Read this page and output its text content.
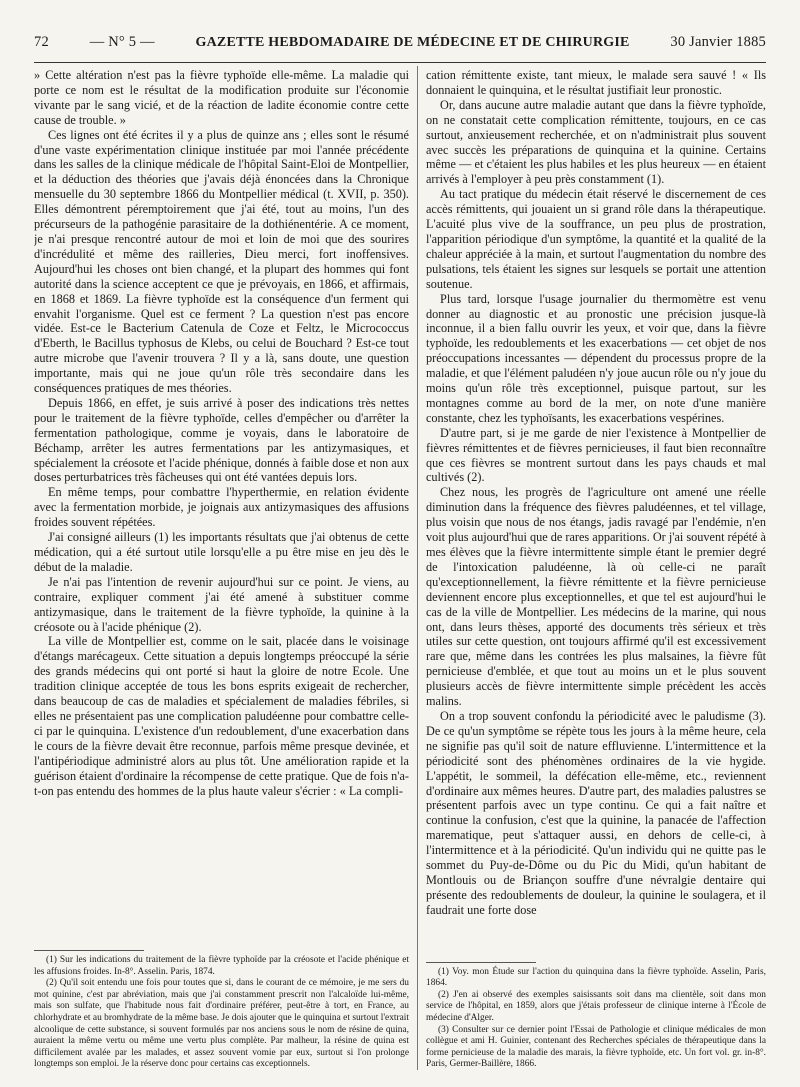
72	— N° 5 —	GAZETTE HEBDOMADAIRE DE MÉDECINE ET DE CHIRURGIE	30 Janvier 1885

» Cette altération n'est pas la fièvre typhoïde elle-même. La maladie qui porte ce nom est le résultat de la modification produite sur l'économie vivante par le sang vicié, et de la réaction de ladite économie contre cette cause de trouble. »

Ces lignes ont été écrites il y a plus de quinze ans ; elles sont le résumé d'une vaste expérimentation clinique instituée par moi l'année précédente dans les salles de la clinique médicale de l'hôpital Saint-Eloi de Montpellier, et la déduction des théories que j'avais déjà énoncées dans la Chronique mensuelle du 30 septembre 1866 du Montpellier médical (t. XVII, p. 350). Elles démontrent péremptoirement que j'ai été, tout au moins, l'un des précurseurs de la pathogénie parasitaire de la dothiénentérie. A ce moment, je n'ai presque rencontré autour de moi et loin de moi que des sourires d'incrédulité et même des railleries, Dieu merci, fort inoffensives. Aujourd'hui les choses ont bien changé, et la plupart des hommes qui font autorité dans la science acceptent ce que je prévoyais, en 1866, et affirmais, en 1868 et 1869. La fièvre typhoïde est la conséquence d'un ferment qui envahit l'organisme. Quel est ce ferment ? La question n'est pas encore vidée. Est-ce le Bacterium Catenula de Coze et Feltz, le Micrococcus d'Eberth, le Bacillus typhosus de Klebs, ou celui de Bouchard ? Est-ce tout autre microbe que l'avenir trouvera ? Il y a là, sans doute, une question importante, mais qui ne joue qu'un rôle très secondaire dans les conséquences pratiques de mes théories.

Depuis 1866, en effet, je suis arrivé à poser des indications très nettes pour le traitement de la fièvre typhoïde, celles d'empêcher ou d'arrêter la fermentation pathologique, comme je voyais, dans le laboratoire de Béchamp, arrêter les autres fermentations par les antizymasiques, et spécialement la créosote et l'acide phénique, donnés à faible dose et non aux doses perturbatrices très fâcheuses qui ont été vantées depuis lors.

En même temps, pour combattre l'hyperthermie, en relation évidente avec la fermentation morbide, je joignais aux antizymasiques des affusions froides souvent répétées.

J'ai consigné ailleurs (1) les importants résultats que j'ai obtenus de cette médication, qui a été surtout utile lorsqu'elle a pu être mise en jeu dès le début de la maladie.

Je n'ai pas l'intention de revenir aujourd'hui sur ce point. Je viens, au contraire, expliquer comment j'ai été amené à substituer comme antizymasique, dans le traitement de la fièvre typhoïde, la quinine à la créosote ou à l'acide phénique (2).

La ville de Montpellier est, comme on le sait, placée dans le voisinage d'étangs marécageux. Cette situation a depuis longtemps préoccupé la série des grands médecins qui ont porté si haut la gloire de notre Ecole. Une tradition clinique acceptée de tous les bons esprits exigeait de rechercher, dans beaucoup de cas de maladies et spécialement de maladies fébriles, si elles ne présentaient pas une complication paludéenne pour combattre celle-ci par le quinquina. L'existence d'un redoublement, d'une exacerbation dans le cours de la fièvre devait être reconnue, parfois même presque devinée, et l'antipériodique administré alors au plus tôt. Une amélioration rapide et la guérison étaient d'ordinaire la récompense de cette pratique. Que de fois n'a-t-on pas entendu des hommes de la plus haute valeur s'écrier : « La compli-

(1) Sur les indications du traitement de la fièvre typhoïde par la créosote et l'acide phénique et les affusions froides. In-8°. Asselin. Paris, 1874.

(2) Qu'il soit entendu une fois pour toutes que si, dans le courant de ce mémoire, je me sers du mot quinine, c'est par abréviation, mais que j'ai constamment prescrit non l'alcaloïde lui-même, mais son sulfate, que l'habitude nous fait d'ordinaire préférer, peut-être à tort, en France, au chlorhydrate et au bromhydrate de la même base. Je dois ajouter que le quinquina et surtout l'extrait alcoolique de cette substance, si souvent formulés par nos anciens sous le nom de résine de quina, auraient la même vertu ou même une vertu plus complète. Par malheur, la résine de quina est difficilement avalée par les malades, et assez souvent vomie par eux, surtout si l'on prolonge longtemps son emploi. Je la réserve donc pour certains cas exceptionnels.

cation rémittente existe, tant mieux, le malade sera sauvé ! « Ils donnaient le quinquina, et le résultat justifiait leur pronostic.

Or, dans aucune autre maladie autant que dans la fièvre typhoïde, on ne constatait cette complication rémittente, toujours, en ce cas surtout, anxieusement recherchée, et on n'administrait plus souvent avec succès les préparations de quinquina et la quinine. Certains même — et c'étaient les plus habiles et les plus heureux — en étaient arrivés à l'employer à peu près constamment (1).

Au tact pratique du médecin était réservé le discernement de ces accès rémittents, qui jouaient un si grand rôle dans la thérapeutique. L'acuité plus vive de la souffrance, un peu plus de prostration, l'apparition périodique d'un symptôme, la quantité et la qualité de la chaleur appréciée à la main, et surtout l'augmentation du nombre des pulsations, tels étaient les signes sur lesquels se portait une attention soutenue.

Plus tard, lorsque l'usage journalier du thermomètre est venu donner au diagnostic et au pronostic une précision jusque-là inconnue, il a bien fallu ouvrir les yeux, et voir que, dans la fièvre typhoïde, les redoublements et les exacerbations — cet objet de nos préoccupations incessantes — dépendent du processus propre de la maladie, et que l'élément paludéen n'y joue aucun rôle ou n'y joue du moins qu'un rôle très exceptionnel, puisque partout, sur les montagnes comme au bord de la mer, on note d'une manière constante, chez les typhoïsants, les exacerbations vespérines.

D'autre part, si je me garde de nier l'existence à Montpellier de fièvres rémittentes et de fièvres pernicieuses, il faut bien reconnaître que ces fièvres se montrent surtout dans les pays chauds et mal cultivés (2).

Chez nous, les progrès de l'agriculture ont amené une réelle diminution dans la fréquence des fièvres paludéennes, et tel village, plus voisin que nous de nos étangs, jadis ravagé par l'endémie, n'en voit plus aujourd'hui que de rares apparitions. Or j'ai souvent répété à mes élèves que la fièvre intermittente simple étant le premier degré de l'intoxication paludéenne, là où celle-ci ne paraît qu'exceptionnellement, la fièvre rémittente et la fièvre pernicieuse deviennent encore plus exceptionnelles, et que tel est aujourd'hui le cas de la ville de Montpellier. Les médecins de la marine, qui nous ont, dans leurs thèses, apporté des documents très sérieux et très utiles sur cette question, ont toujours affirmé qu'il est excessivement rare que, même dans les contrées les plus malsaines, la fièvre fût pernicieuse d'emblée, et que tout au moins un et le plus souvent plusieurs accès de fièvre intermittente simple précèdent les accès malins.

On a trop souvent confondu la périodicité avec le paludisme (3). De ce qu'un symptôme se répète tous les jours à la même heure, cela ne signifie pas qu'il soit de nature effluvienne. L'intermittence et la périodicité sont des phénomènes ordinaires de la vie hygide. L'appétit, le sommeil, la défécation elle-même, etc., reviennent d'ordinaire aux mêmes heures. D'autre part, des maladies palustres se présentent parfois avec un type continu. Ce qui a fait naître et continue la confusion, c'est que la quinine, la panacée de l'affection marematique, peut s'attaquer aussi, en dehors de celle-ci, à l'intermittence et à la périodicité. Qu'un individu qui ne quitte pas le sommet du Puy-de-Dôme ou du Pic du Midi, qu'un habitant de Montlouis ou de Briançon souffre d'une névralgie dentaire qui présente des redoublements de douleur, la quinine le soulagera, et il faudrait une forte dose

(1) Voy. mon Étude sur l'action du quinquina dans la fièvre typhoïde. Asselin, Paris, 1864.

(2) J'en ai observé des exemples saisissants soit dans ma clientèle, soit dans mon service de l'hôpital, en 1859, alors que j'étais professeur de clinique interne à l'École de médecine d'Alger.

(3) Consulter sur ce dernier point l'Essai de Pathologie et clinique médicales de mon collègue et ami H. Guinier, contenant des Recherches spéciales de thérapeutique dans la forme pernicieuse de la maladie des marais, la fièvre typhoïde, etc. Un fort vol. gr. in-8°. Paris, Germer-Baillère, 1866.
